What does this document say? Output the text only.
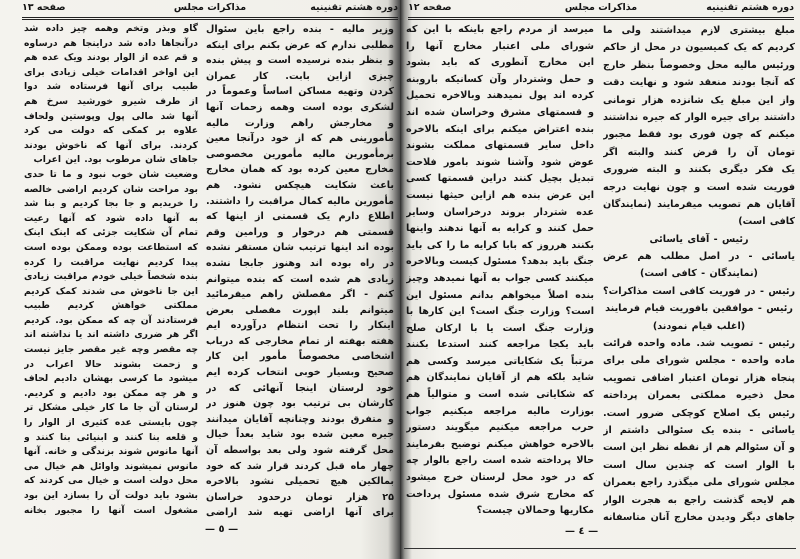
دوره هشتم تقنینیه
مذاکرات مجلس
صفحه ۱۳
— ٥ —
دوره هشتم تقنینیه
مذاکرات مجلس
صفحه ۱۲
— ٤ —
مبلغ بیشتری لازم میداشتند ولی ما
کردیم که یک کمیسیون در محل از حاکم
ورئیس مالیه محل وخصوصاً بنظر خارج
که آنجا بودند منعقد شود و نهایت دقت
واز این مبلغ یک شانزده هزار تومانی
داشتند برای جیره الوار که جیره نداشتند
میکنم که چون فوری بود فقط مجبور
تومان آن را قرض کنند والبته اگر
یک فکر دیگری بکنند و البته ضروری
فوریت شده است و چون نهایت درجه
آقایان هم تصویب میفرمایند (نمایندگان
کافی است)
رئیس - آقای یاسائی
یاسائی - در اصل مطلب هم عرض
(نمایندگان - کافی است)
رئیس - در فوریت کافی است مذاکرات؟
رئیس - موافقین بافوریت قیام فرمایند
(اغلب قیام نمودند)
رئیس - تصویب شد. ماده واحده قرائت
ماده واحده - مجلس شورای ملی برای
پنجاه هزار تومان اعتبار اضافی تصویب
محل ذخیره مملکتی بعمران پرداخته
رئیس یک اصلاح کوچکی ضرور است.
یاسائی - بنده یک سئوالی داشتم از
و آن سئوالم هم از نقطه نظر این است
با الوار است که چندین سال است
مجلس شورای ملی میگذرد راجع بعمران
هم لایحه گذشت راجع به هجرت الوار
جاهای دیگر ودیدن مخارج آنان متاسفانه
میرسد از مردم راجع باینکه با این که
شورای ملی اعتبار مخارج آنها را
این مخارج آنطوری که باید بشود
و حمل وشتردار وآن کسانیکه باروبنه
کرده اند پول نمیدهند وبالاخره تحمیل
و قسمتهای مشرق وخراسان شده اند
بنده اعتراض میکنم برای اینکه بالاخره
داخل سایر قسمتهای مملکت بشوند
عوض شود وآشنا شوند بامور فلاحت
تبدیل بچیل کنند دراین قسمتها کسی
این عرض بنده هم ازاین حیثها نیست
عده شتردار بروند درخراسان وسایر
حمل کنند و کرایه به آنها ندهند واینها
بکنند هرروز که بابا کرایه ما را کی باید
جنگ باید بدهد؟ مسئول کیست وبالاخره
میکنند کسی جواب به آنها نمیدهد وچیز
بنده اصلاً میخواهم بدانم مسئول این
است؟ وزارت جنگ است؟ این کارها با
وزارت جنگ است یا با ارکان صلح
باید یکجا مراجعه کنند استدعا بکنند
مرتباً یک شکایاتی میرسد وکسی هم
شاید بلکه هم از آقایان نمایندگان هم
که شکایاتی شده است و متوالیاً هم
بوزارت مالیه مراجعه میکنیم جواب
حرب مراجعه میکنیم میگویند دستور
بالاخره خواهش میکنم توضیح بفرمایند
حالا پرداخته شده است راجع بالوار چه
که در خود محل لرستان خرج میشود
که مخارج شرق شده مسئول پرداخت
مکاریها وحمالان چیست؟
وزیر مالیه - بنده راجع باین سئوال
مطلبی ندارم که عرض بکنم برای اینکه
و بنظر بنده نرسیده است و پیش بنده
چیزی ازاین بابت. کار عمران
کردن وتهیه مساکن اساساً وعموماً در
لشکری بوده است وهمه زحمات آنها
و مخارجش راهم وزارت مالیه
مأمورینی هم که از خود درآنجا معین
برمأمورین مالیه مأمورین مخصوصی
مخارج معین کرده بود که همان مخارج
باعث شکایت هیچکس نشود. هم
مأمورین مالیه کمال مراقبت را داشتند.
اطلاع دارم یک قسمتی از اینها که
قسمتی هم درخوار و ورامین وقم
بوده اند اینها ترتیب شان مستقر نشده
در راه بوده اند وهنوز جابجا نشده
زیادی هم شده است که بنده میتوانم
کنم - اگر مفصلش راهم میفرمائید
میتوانم بلند اپورت مفصلی بعرض
اینکار را تحت انتظام درآورده ایم
هفته بهفته از تمام مخارجی که درباب
اشخاصی مخصوصاً مأمور این کار
صحیح وبسیار خوبی انتخاب کرده ایم
خود لرستان اینجا آنهائی که در
کارشان بی ترتیب بود چون هنوز در
و متفرق بودند وچنانچه آقایان میدانند
جیره معین شده بود شاید بعداً خیال
محل گرفته شود ولی بعد بواسطه آن
چهار ماه قبل کردند قرار شد که خود
بمالکین هیچ تحمیلی نشود بالاخره
۲۵ هزار تومان درحدود خراسان
برای آنها اراضی تهیه شد اراضی
گاو وبذر وتخم وهمه چیز داده شد
درآنجاها داده شد دراینجا هم درساوه
و قم عده از الوار بودند ویک عده هم
این اواخر اقدامات خیلی زیادی برای
طبیب برای آنها فرستاده شد دوا
از طرف شیرو خورشید سرخ هم
آنها شد مالی پول وپوستین ولحاف
علاوه بر کمکی که دولت می کرد
کردند. برای آنها که ناخوش بودند
جاهای شان مرطوب بود. این اعراب
وضعیت شان خوب نبود و ما تا حدی
بود مراحت شان کردیم اراضی خالصه
را خریدیم و جا بجا کردیم و بنا شد
به آنها داده شود که آنها رعیت
تمام آن شکایت جزئی که اینک اینک
که استطاعت بوده وممکن بوده است
پیدا کردیم نهایت مراقبت را کرده
بنده شخصاً خیلی خودم مراقبت زیادی
این جا ناخوش می شدند کمک کردیم
مملکتی خواهش کردیم طبیب
فرستادند آن چه که ممکن بود. کردیم
اگر هر ضرری داشته اند یا نداشته اند
چه مقصر وچه غیر مقصر جایز نیست
و زحمت بشوند حالا اعراب در
میشود ما کرسی بهشان دادیم لحاف
و هر چه ممکن بود دادیم و کردیم.
لرستان آن جا ما کار خیلی مشکل تر
چون بایستی عده کثیری از الوار را
و قلعه بنا کنند و ابنیائی بنا کنند و
آنها مانوس شوند بزندگی و خانه. آنها
مانوس نمیشوند واوائل هم خیال می
محل دولت است و خیال می کردند که
بشود باید دولت آن را بسازد این بود
مشغول است آنها را مجبور بخانه
